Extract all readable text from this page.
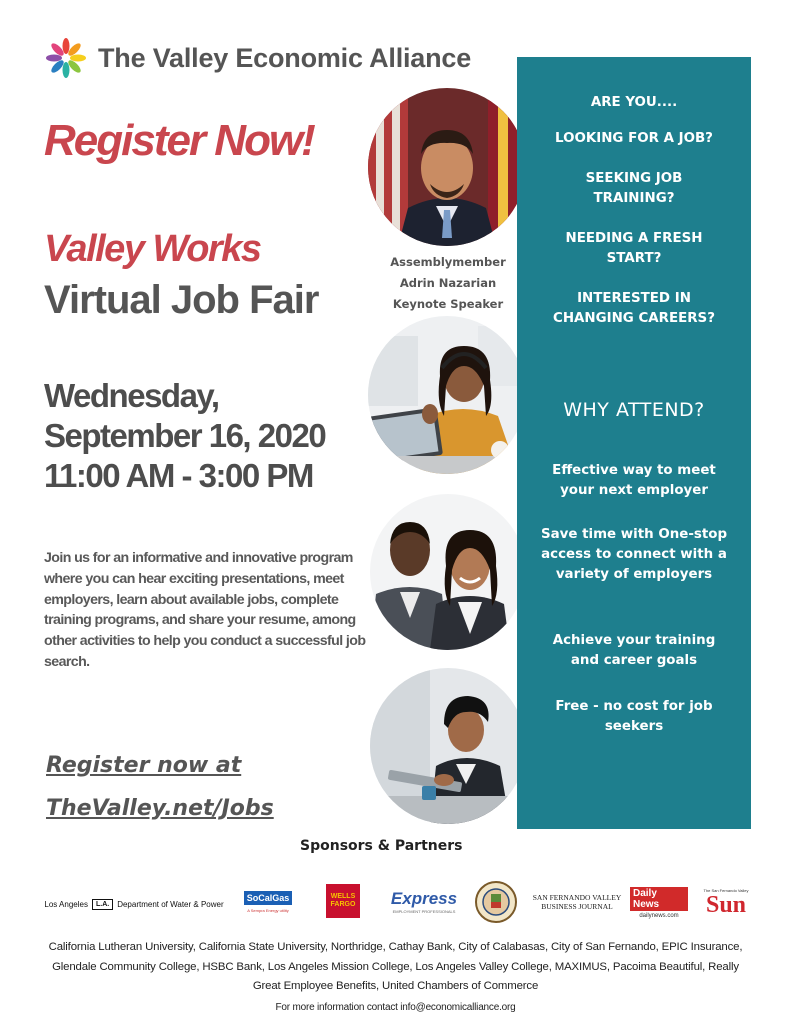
The Valley Economic Alliance
Register Now!
Valley Works
Virtual Job Fair
Wednesday,
September 16, 2020
11:00 AM - 3:00 PM
Join us for an informative and innovative program where you can hear exciting presentations, meet employers, learn about available jobs, complete training programs, and share your resume, among other activities to help you conduct a successful job search.
Register now at
TheValley.net/Jobs
Assemblymember
Adrin Nazarian
Keynote Speaker
ARE YOU....
LOOKING FOR A JOB?
SEEKING JOB TRAINING?
NEEDING A FRESH START?
INTERESTED IN CHANGING CAREERS?
WHY ATTEND?
Effective way to meet your next employer
Save time with One-stop access to connect with a variety of employers
Achieve your training and career goals
Free - no cost for job seekers
Sponsors & Partners
Los Angeles	L.A.	Department of Water & Power
SoCalGas
A Sempra Energy utility
WELLS
FARGO Express
EMPLOYMENT PROFESSIONALS
SAN FERNANDO VALLEY
BUSINESS JOURNAL
Daily News
dailynews.com
The San Fernando Valley
Sun
California Lutheran University, California State University, Northridge, Cathay Bank, City of Calabasas, City of San Fernando, EPIC Insurance, Glendale Community College, HSBC Bank, Los Angeles Mission College, Los Angeles Valley College, MAXIMUS, Pacoima Beautiful, Really Great Employee Benefits, United Chambers of Commerce
For more information contact info@economicalliance.org
